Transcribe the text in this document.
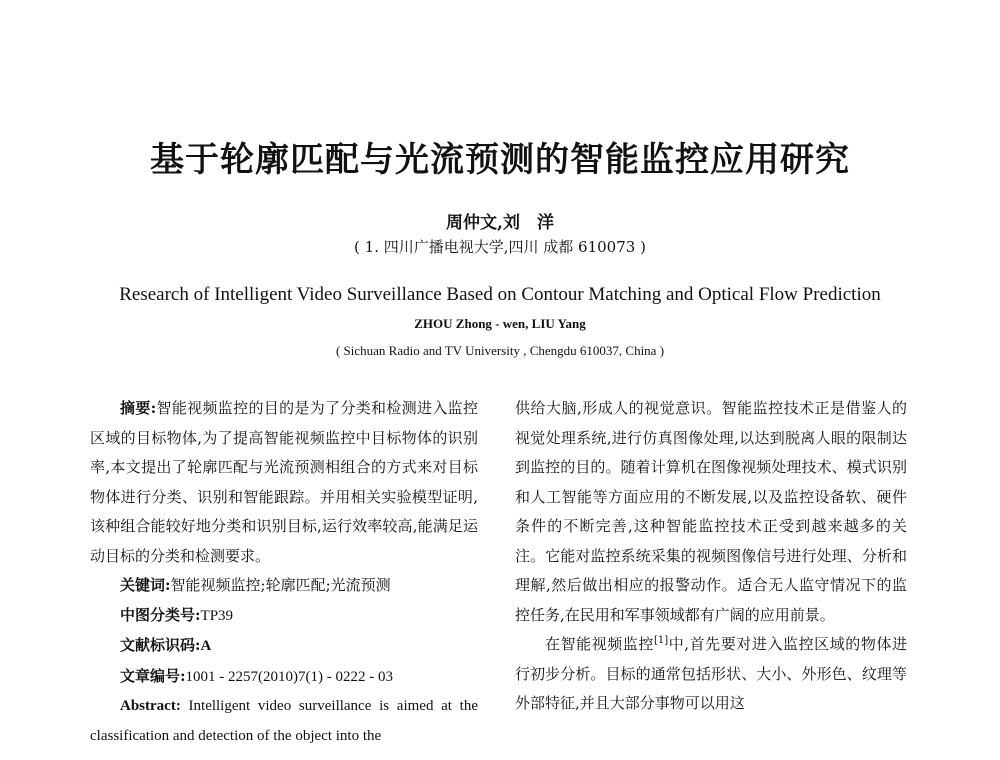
基于轮廓匹配与光流预测的智能监控应用研究
周仲文,刘　洋
( 1. 四川广播电视大学,四川 成都 610073 )
Research of Intelligent Video Surveillance Based on Contour Matching and Optical Flow Prediction
ZHOU Zhong - wen, LIU Yang
( Sichuan Radio and TV University , Chengdu 610037, China )

摘要:智能视频监控的目的是为了分类和检测进入监控区域的目标物体,为了提高智能视频监控中目标物体的识别率,本文提出了轮廓匹配与光流预测相组合的方式来对目标物体进行分类、识别和智能跟踪。并用相关实验模型证明,该种组合能较好地分类和识别目标,运行效率较高,能满足运动目标的分类和检测要求。

关键词:智能视频监控;轮廓匹配;光流预测

中图分类号:TP39

文献标识码:A

文章编号:1001 - 2257(2010)7(1) - 0222 - 03

Abstract: Intelligent video surveillance is aimed at the classification and detection of the object into the

供给大脑,形成人的视觉意识。智能监控技术正是借鉴人的视觉处理系统,进行仿真图像处理,以达到脱离人眼的限制达到监控的目的。随着计算机在图像视频处理技术、模式识别和人工智能等方面应用的不断发展,以及监控设备软、硬件条件的不断完善,这种智能监控技术正受到越来越多的关注。它能对监控系统采集的视频图像信号进行处理、分析和理解,然后做出相应的报警动作。适合无人监守情况下的监控任务,在民用和军事领域都有广阔的应用前景。

在智能视频监控[1]中,首先要对进入监控区域的物体进行初步分析。目标的通常包括形状、大小、外形色、纹理等外部特征,并且大部分事物可以用这
